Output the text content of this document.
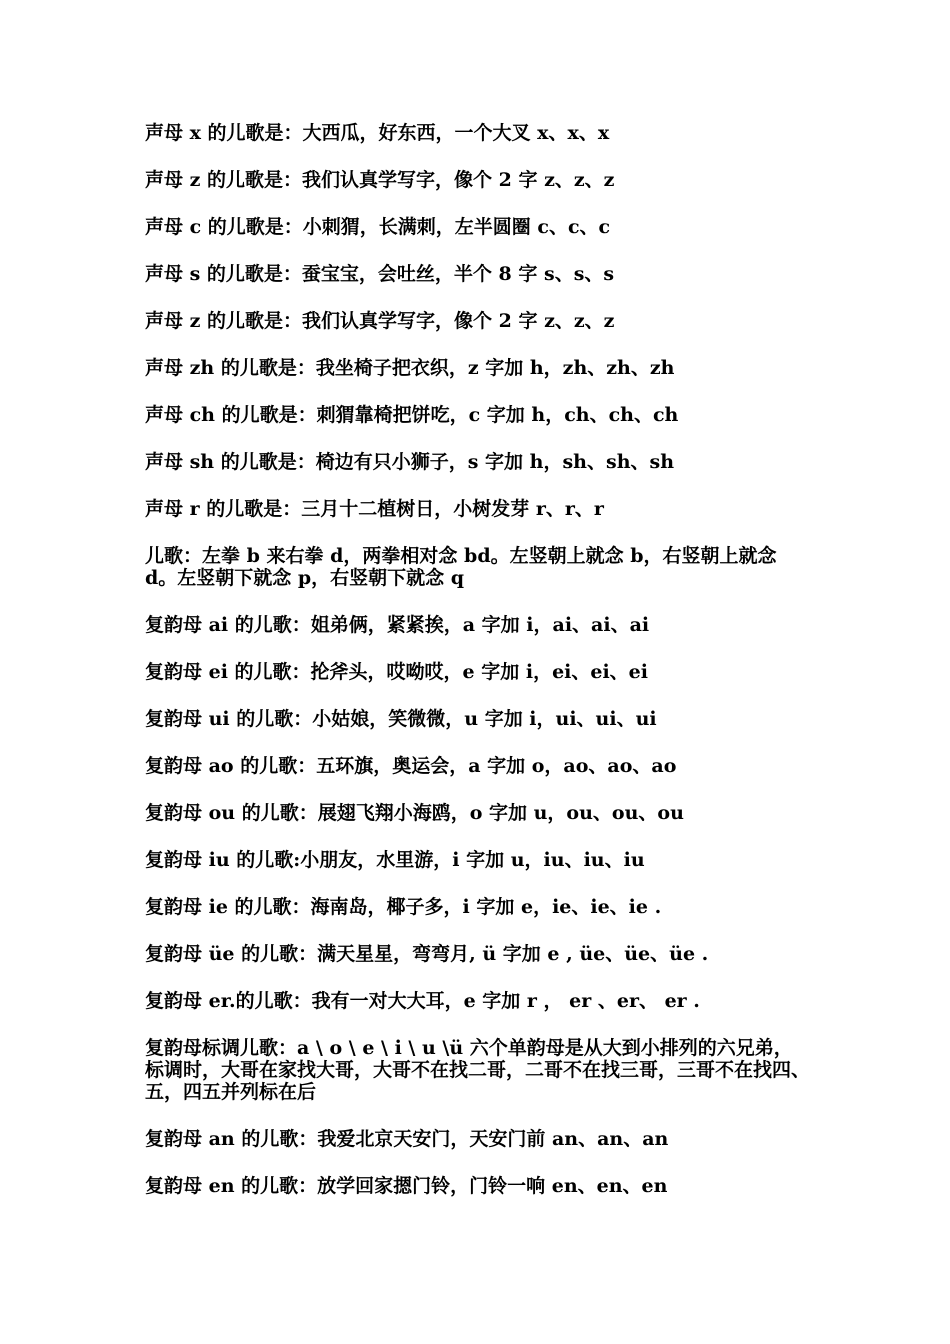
声母 x 的儿歌是：大西瓜，好东西，一个大叉 x、x、x

声母 z 的儿歌是：我们认真学写字，像个 2 字 z、z、z

声母 c 的儿歌是：小刺猬，长满刺，左半圆圈 c、c、c

声母 s 的儿歌是：蚕宝宝，会吐丝，半个 8 字 s、s、s

声母 z 的儿歌是：我们认真学写字，像个 2 字 z、z、z

声母 zh 的儿歌是：我坐椅子把衣织，z 字加 h，zh、zh、zh

声母 ch 的儿歌是：刺猬靠椅把饼吃，c 字加 h，ch、ch、ch

声母 sh 的儿歌是：椅边有只小狮子，s 字加 h，sh、sh、sh

声母 r 的儿歌是：三月十二植树日，小树发芽 r、r、r

儿歌：左拳 b 来右拳 d，两拳相对念 bd。左竖朝上就念 b，右竖朝上就念 d。左竖朝下就念 p，右竖朝下就念 q

复韵母 ai 的儿歌：姐弟俩，紧紧挨，a 字加 i，ai、ai、ai

复韵母 ei 的儿歌：抡斧头，哎呦哎，e 字加 i，ei、ei、ei

复韵母 ui 的儿歌：小姑娘，笑微微，u 字加 i，ui、ui、ui

复韵母 ao 的儿歌：五环旗，奥运会，a 字加 o，ao、ao、ao

复韵母 ou 的儿歌：展翅飞翔小海鸥，o 字加 u，ou、ou、ou

复韵母 iu 的儿歌:小朋友，水里游，i 字加 u，iu、iu、iu

复韵母 ie 的儿歌：海南岛，椰子多，i 字加 e，ie、ie、ie .

复韵母 üe 的儿歌：满天星星，弯弯月, ü 字加 e , üe、üe、üe .

复韵母 er.的儿歌：我有一对大大耳，e 字加 r ， er 、er、 er .

复韵母标调儿歌：a \ o \ e \ i \ u \ü 六个单韵母是从大到小排列的六兄弟，标调时，大哥在家找大哥，大哥不在找二哥，二哥不在找三哥，三哥不在找四、五，四五并列标在后

复韵母 an 的儿歌：我爱北京天安门，天安门前 an、an、an

复韵母 en 的儿歌：放学回家摁门铃，门铃一响 en、en、en
